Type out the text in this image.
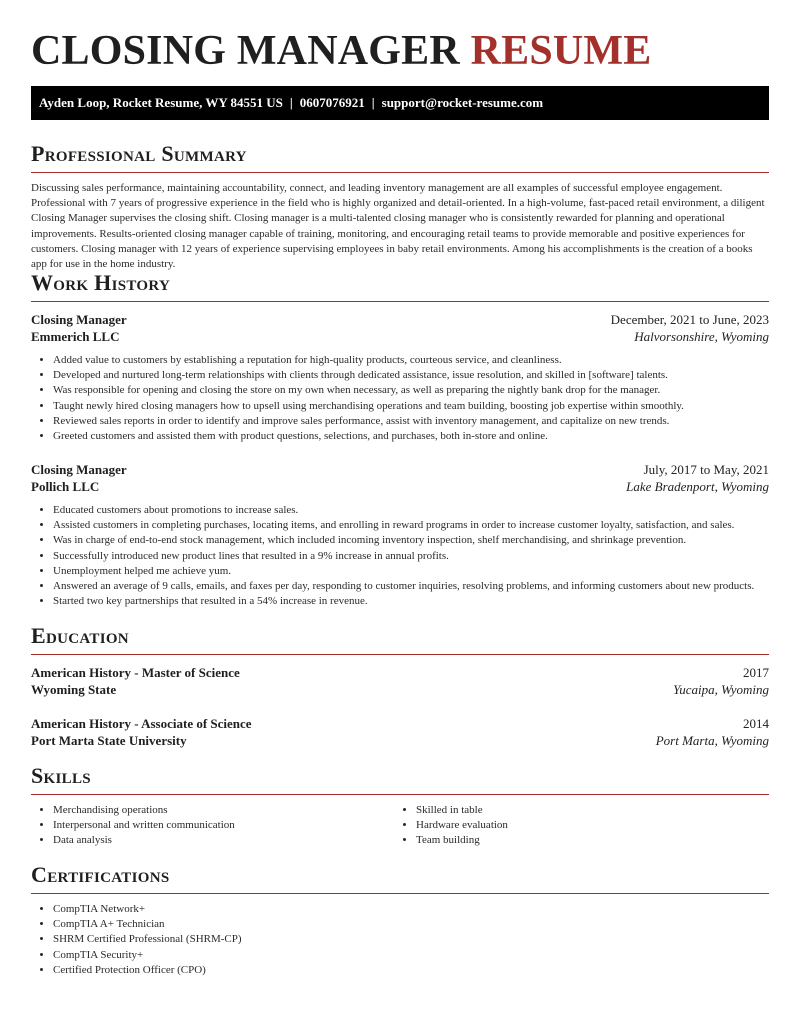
CLOSING MANAGER RESUME
Ayden Loop, Rocket Resume, WY 84551 US | 0607076921 | support@rocket-resume.com
Professional Summary
Discussing sales performance, maintaining accountability, connect, and leading inventory management are all examples of successful employee engagement. Professional with 7 years of progressive experience in the field who is highly organized and detail-oriented. In a high-volume, fast-paced retail environment, a diligent Closing Manager supervises the closing shift. Closing manager is a multi-talented closing manager who is consistently rewarded for planning and operational improvements. Results-oriented closing manager capable of training, monitoring, and encouraging retail teams to provide memorable and positive experiences for customers. Closing manager with 12 years of experience supervising employees in baby retail environments. Among his accomplishments is the creation of a books app for use in the home industry.
Work History
Closing Manager	December, 2021 to June, 2023
Emmerich LLC	Halvorsonshire, Wyoming
• Added value to customers by establishing a reputation for high-quality products, courteous service, and cleanliness.
• Developed and nurtured long-term relationships with clients through dedicated assistance, issue resolution, and skilled in [software] talents.
• Was responsible for opening and closing the store on my own when necessary, as well as preparing the nightly bank drop for the manager.
• Taught newly hired closing managers how to upsell using merchandising operations and team building, boosting job expertise within smoothly.
• Reviewed sales reports in order to identify and improve sales performance, assist with inventory management, and capitalize on new trends.
• Greeted customers and assisted them with product questions, selections, and purchases, both in-store and online.
Closing Manager	July, 2017 to May, 2021
Pollich LLC	Lake Bradenport, Wyoming
• Educated customers about promotions to increase sales.
• Assisted customers in completing purchases, locating items, and enrolling in reward programs in order to increase customer loyalty, satisfaction, and sales.
• Was in charge of end-to-end stock management, which included incoming inventory inspection, shelf merchandising, and shrinkage prevention.
• Successfully introduced new product lines that resulted in a 9% increase in annual profits.
• Unemployment helped me achieve yum.
• Answered an average of 9 calls, emails, and faxes per day, responding to customer inquiries, resolving problems, and informing customers about new products.
• Started two key partnerships that resulted in a 54% increase in revenue.
Education
American History - Master of Science	2017
Wyoming State	Yucaipa, Wyoming
American History - Associate of Science	2014
Port Marta State University	Port Marta, Wyoming
Skills
• Merchandising operations
• Interpersonal and written communication
• Data analysis
• Skilled in table
• Hardware evaluation
• Team building
Certifications
• CompTIA Network+
• CompTIA A+ Technician
• SHRM Certified Professional (SHRM-CP)
• CompTIA Security+
• Certified Protection Officer (CPO)
